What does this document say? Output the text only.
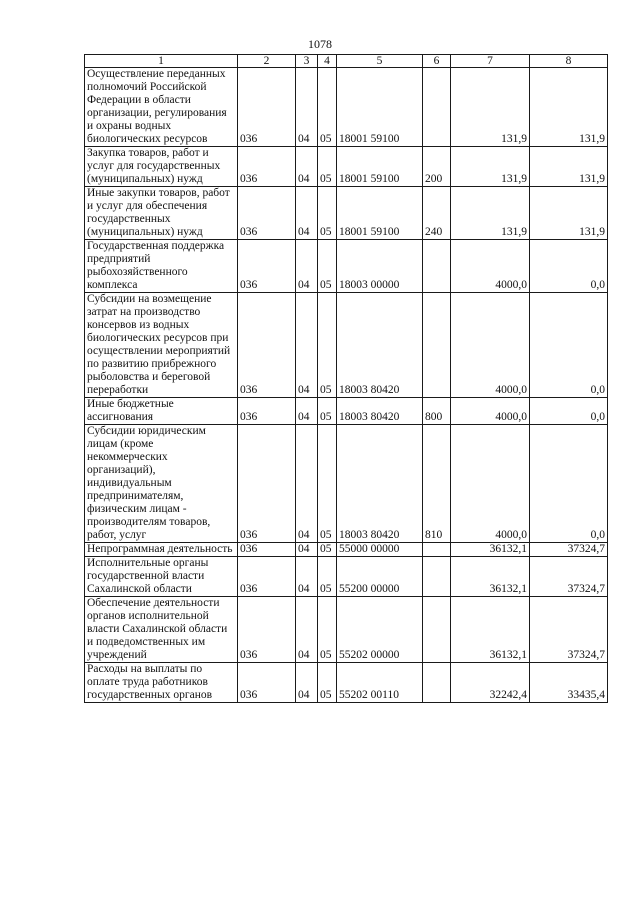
1078
1	2	3	4	5	6	7	8
Осуществление переданных полномочий Российской Федерации в области организации, регулирования и охраны водных биологических ресурсов	036	04	05	18001 59100		131,9	131,9
Закупка товаров, работ и услуг для государственных (муниципальных) нужд	036	04	05	18001 59100	200	131,9	131,9
Иные закупки товаров, работ и услуг для обеспечения государственных (муниципальных) нужд	036	04	05	18001 59100	240	131,9	131,9
Государственная поддержка предприятий рыбохозяйственного комплекса	036	04	05	18003 00000		4000,0	0,0
Субсидии на возмещение затрат на производство консервов из водных биологических ресурсов при осуществлении мероприятий по развитию прибрежного рыболовства и береговой переработки	036	04	05	18003 80420		4000,0	0,0
Иные бюджетные ассигнования	036	04	05	18003 80420	800	4000,0	0,0
Субсидии юридическим лицам (кроме некоммерческих организаций), индивидуальным предпринимателям, физическим лицам - производителям товаров, работ, услуг	036	04	05	18003 80420	810	4000,0	0,0
Непрограммная деятельность	036	04	05	55000 00000		36132,1	37324,7
Исполнительные органы государственной власти Сахалинской области	036	04	05	55200 00000		36132,1	37324,7
Обеспечение деятельности органов исполнительной власти Сахалинской области и подведомственных им учреждений	036	04	05	55202 00000		36132,1	37324,7
Расходы на выплаты по оплате труда работников государственных органов	036	04	05	55202 00110		32242,4	33435,4
